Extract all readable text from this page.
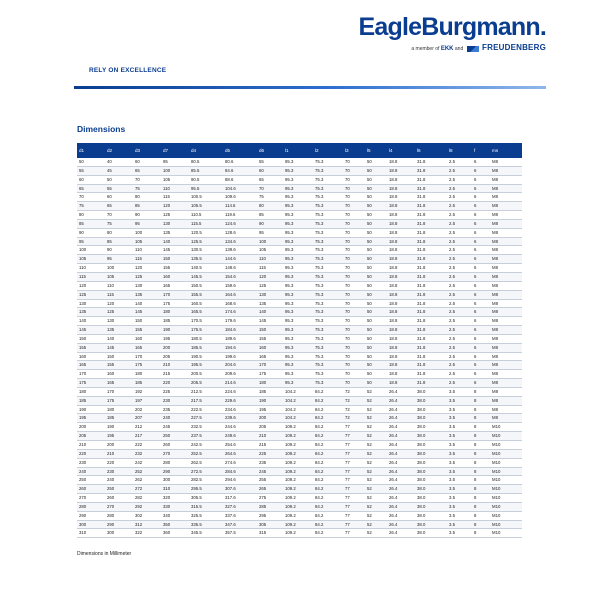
EagleBurgmann.
a member of EKK and FREUDENBERG
RELY ON EXCELLENCE
Dimensions
d1	d2	d3	d7	d4	d5	d6	l1	l2	l3	l5	l4	l6	l8	f	ms
50	40	60	95	80.5	80.6	55	95.3	75.3	70	50	18.8	31.8	2.5	6	M8
55	45	65	100	85.5	84.6	60	95.3	75.3	70	50	18.8	31.8	2.5	6	M8
60	50	70	105	90.5	88.6	65	95.3	75.3	70	50	18.8	31.8	2.5	6	M8
65	55	75	110	95.5	104.6	70	95.3	75.3	70	50	18.8	31.8	2.5	6	M8
70	60	80	115	100.5	109.6	75	95.3	75.3	70	50	18.8	31.8	2.5	6	M8
75	65	85	120	105.5	114.6	80	95.3	75.3	70	50	18.8	31.8	2.5	6	M8
80	70	90	125	110.5	119.6	85	95.3	75.3	70	50	18.8	31.8	2.5	6	M8
85	75	95	130	115.5	124.6	90	95.3	75.3	70	50	18.8	31.8	2.5	6	M8
90	80	100	135	120.5	128.6	95	95.3	75.3	70	50	18.8	31.8	2.5	6	M8
95	85	105	140	125.5	134.6	100	95.3	75.3	70	50	18.8	31.8	2.5	6	M8
100	90	110	145	130.5	139.6	105	95.3	75.3	70	50	18.8	31.8	2.5	6	M8
105	95	115	150	135.5	144.6	110	95.3	75.3	70	50	18.8	31.8	2.5	6	M8
110	100	120	155	140.5	148.6	115	95.3	75.3	70	50	18.8	31.8	2.5	6	M8
115	105	125	160	145.5	154.6	120	95.3	75.3	70	50	18.8	31.8	2.5	6	M8
120	110	130	165	150.5	159.6	125	95.3	75.3	70	50	18.8	31.8	2.5	6	M8
125	115	135	170	155.5	164.6	130	95.3	75.3	70	50	18.8	31.8	2.5	6	M8
130	120	140	175	160.5	168.6	135	95.3	75.3	70	50	18.8	31.8	2.5	6	M8
135	125	145	180	165.5	174.6	140	95.3	75.3	70	50	18.8	31.8	2.5	6	M8
140	130	150	185	170.5	179.6	145	95.3	75.3	70	50	18.8	31.8	2.5	6	M8
145	135	155	190	175.5	184.6	150	95.3	75.3	70	50	18.8	31.8	2.5	6	M8
150	140	160	195	180.5	189.6	155	95.3	75.3	70	50	18.8	31.8	2.5	6	M8
155	145	165	200	185.5	194.6	160	95.3	75.3	70	50	18.8	31.8	2.5	6	M8
160	150	170	205	190.5	199.6	165	95.3	75.3	70	50	18.8	31.8	2.5	6	M8
165	155	175	210	195.5	204.6	170	95.3	75.3	70	50	18.8	31.8	2.5	6	M8
170	160	180	215	200.5	209.6	175	95.3	75.3	70	50	18.8	31.8	2.5	6	M8
175	165	185	220	205.5	214.6	180	95.3	75.3	70	50	18.8	31.8	2.5	6	M8
180	170	192	225	212.5	224.6	185	104.2	84.2	72	52	26.4	38.0	3.5	8	M8
185	175	197	230	217.5	229.6	190	104.2	84.2	72	52	26.4	38.0	3.5	8	M8
190	180	202	235	222.5	234.6	195	104.2	84.2	72	52	26.4	38.0	3.5	8	M8
195	185	207	240	227.5	239.6	200	104.2	84.2	72	52	26.4	38.0	3.5	8	M8
200	190	212	245	232.5	244.6	205	109.2	84.2	77	52	26.4	38.0	3.5	8	M10
205	195	217	250	237.5	249.6	210	109.2	84.2	77	52	26.4	38.0	3.5	8	M10
210	200	222	260	242.5	254.6	215	109.2	84.2	77	52	26.4	38.0	3.5	8	M10
220	210	232	270	252.5	264.6	225	109.2	84.2	77	52	26.4	38.0	3.5	8	M10
230	220	242	280	262.5	274.6	235	109.2	84.2	77	52	26.4	38.0	3.5	8	M10
240	230	252	290	272.5	284.6	245	109.2	84.2	77	52	26.4	38.0	3.5	8	M10
250	240	262	300	282.5	294.6	255	109.2	84.2	77	52	26.4	38.0	3.5	8	M10
260	250	272	310	295.5	307.6	265	109.2	84.2	77	52	26.4	38.0	3.5	8	M10
270	260	282	320	305.5	317.6	275	109.2	84.2	77	52	26.4	38.0	3.5	8	M10
280	270	292	330	315.5	327.6	285	109.2	84.2	77	52	26.4	38.0	3.5	8	M10
290	280	302	340	325.5	337.6	295	109.2	84.2	77	52	26.4	38.0	3.5	8	M10
300	290	312	350	335.5	347.6	305	109.2	84.2	77	52	26.4	38.0	3.5	8	M10
310	300	322	360	345.5	357.5	315	109.2	84.2	77	52	26.4	38.0	3.5	8	M10
Dimensions in Millimeter
